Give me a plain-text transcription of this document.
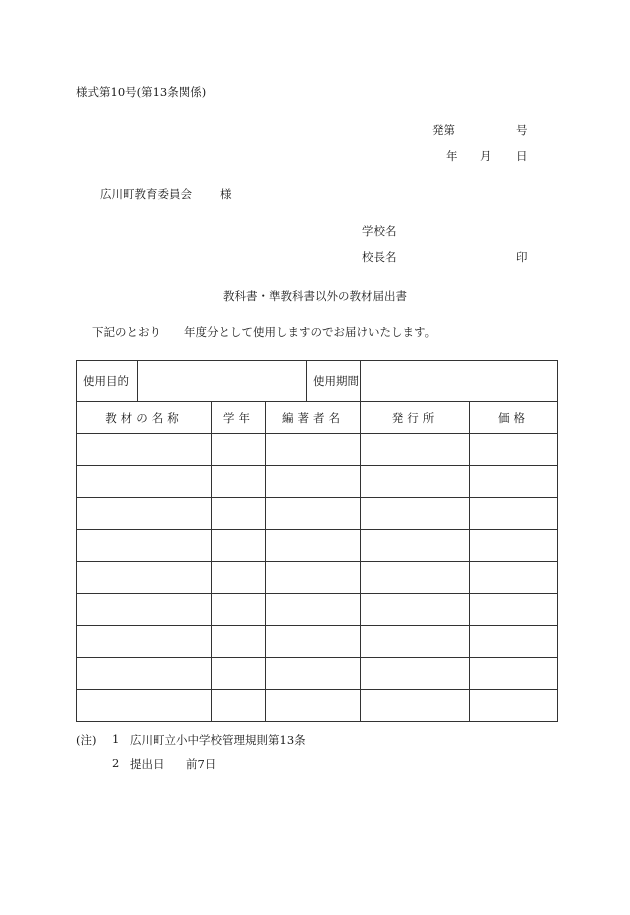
様式第10号(第13条関係)
発第	号
年 月 日
広川町教育委員会 様
学校名
校長名	印
教科書・準教科書以外の教材届出書
下記のとおり 年度分として使用しますのでお届けいたします。
使用目的				使用期間		
教材の名称		学年	編著者名		発行所	価格

(注) 1 広川町立小中学校管理規則第13条
2 提出日 前7日
